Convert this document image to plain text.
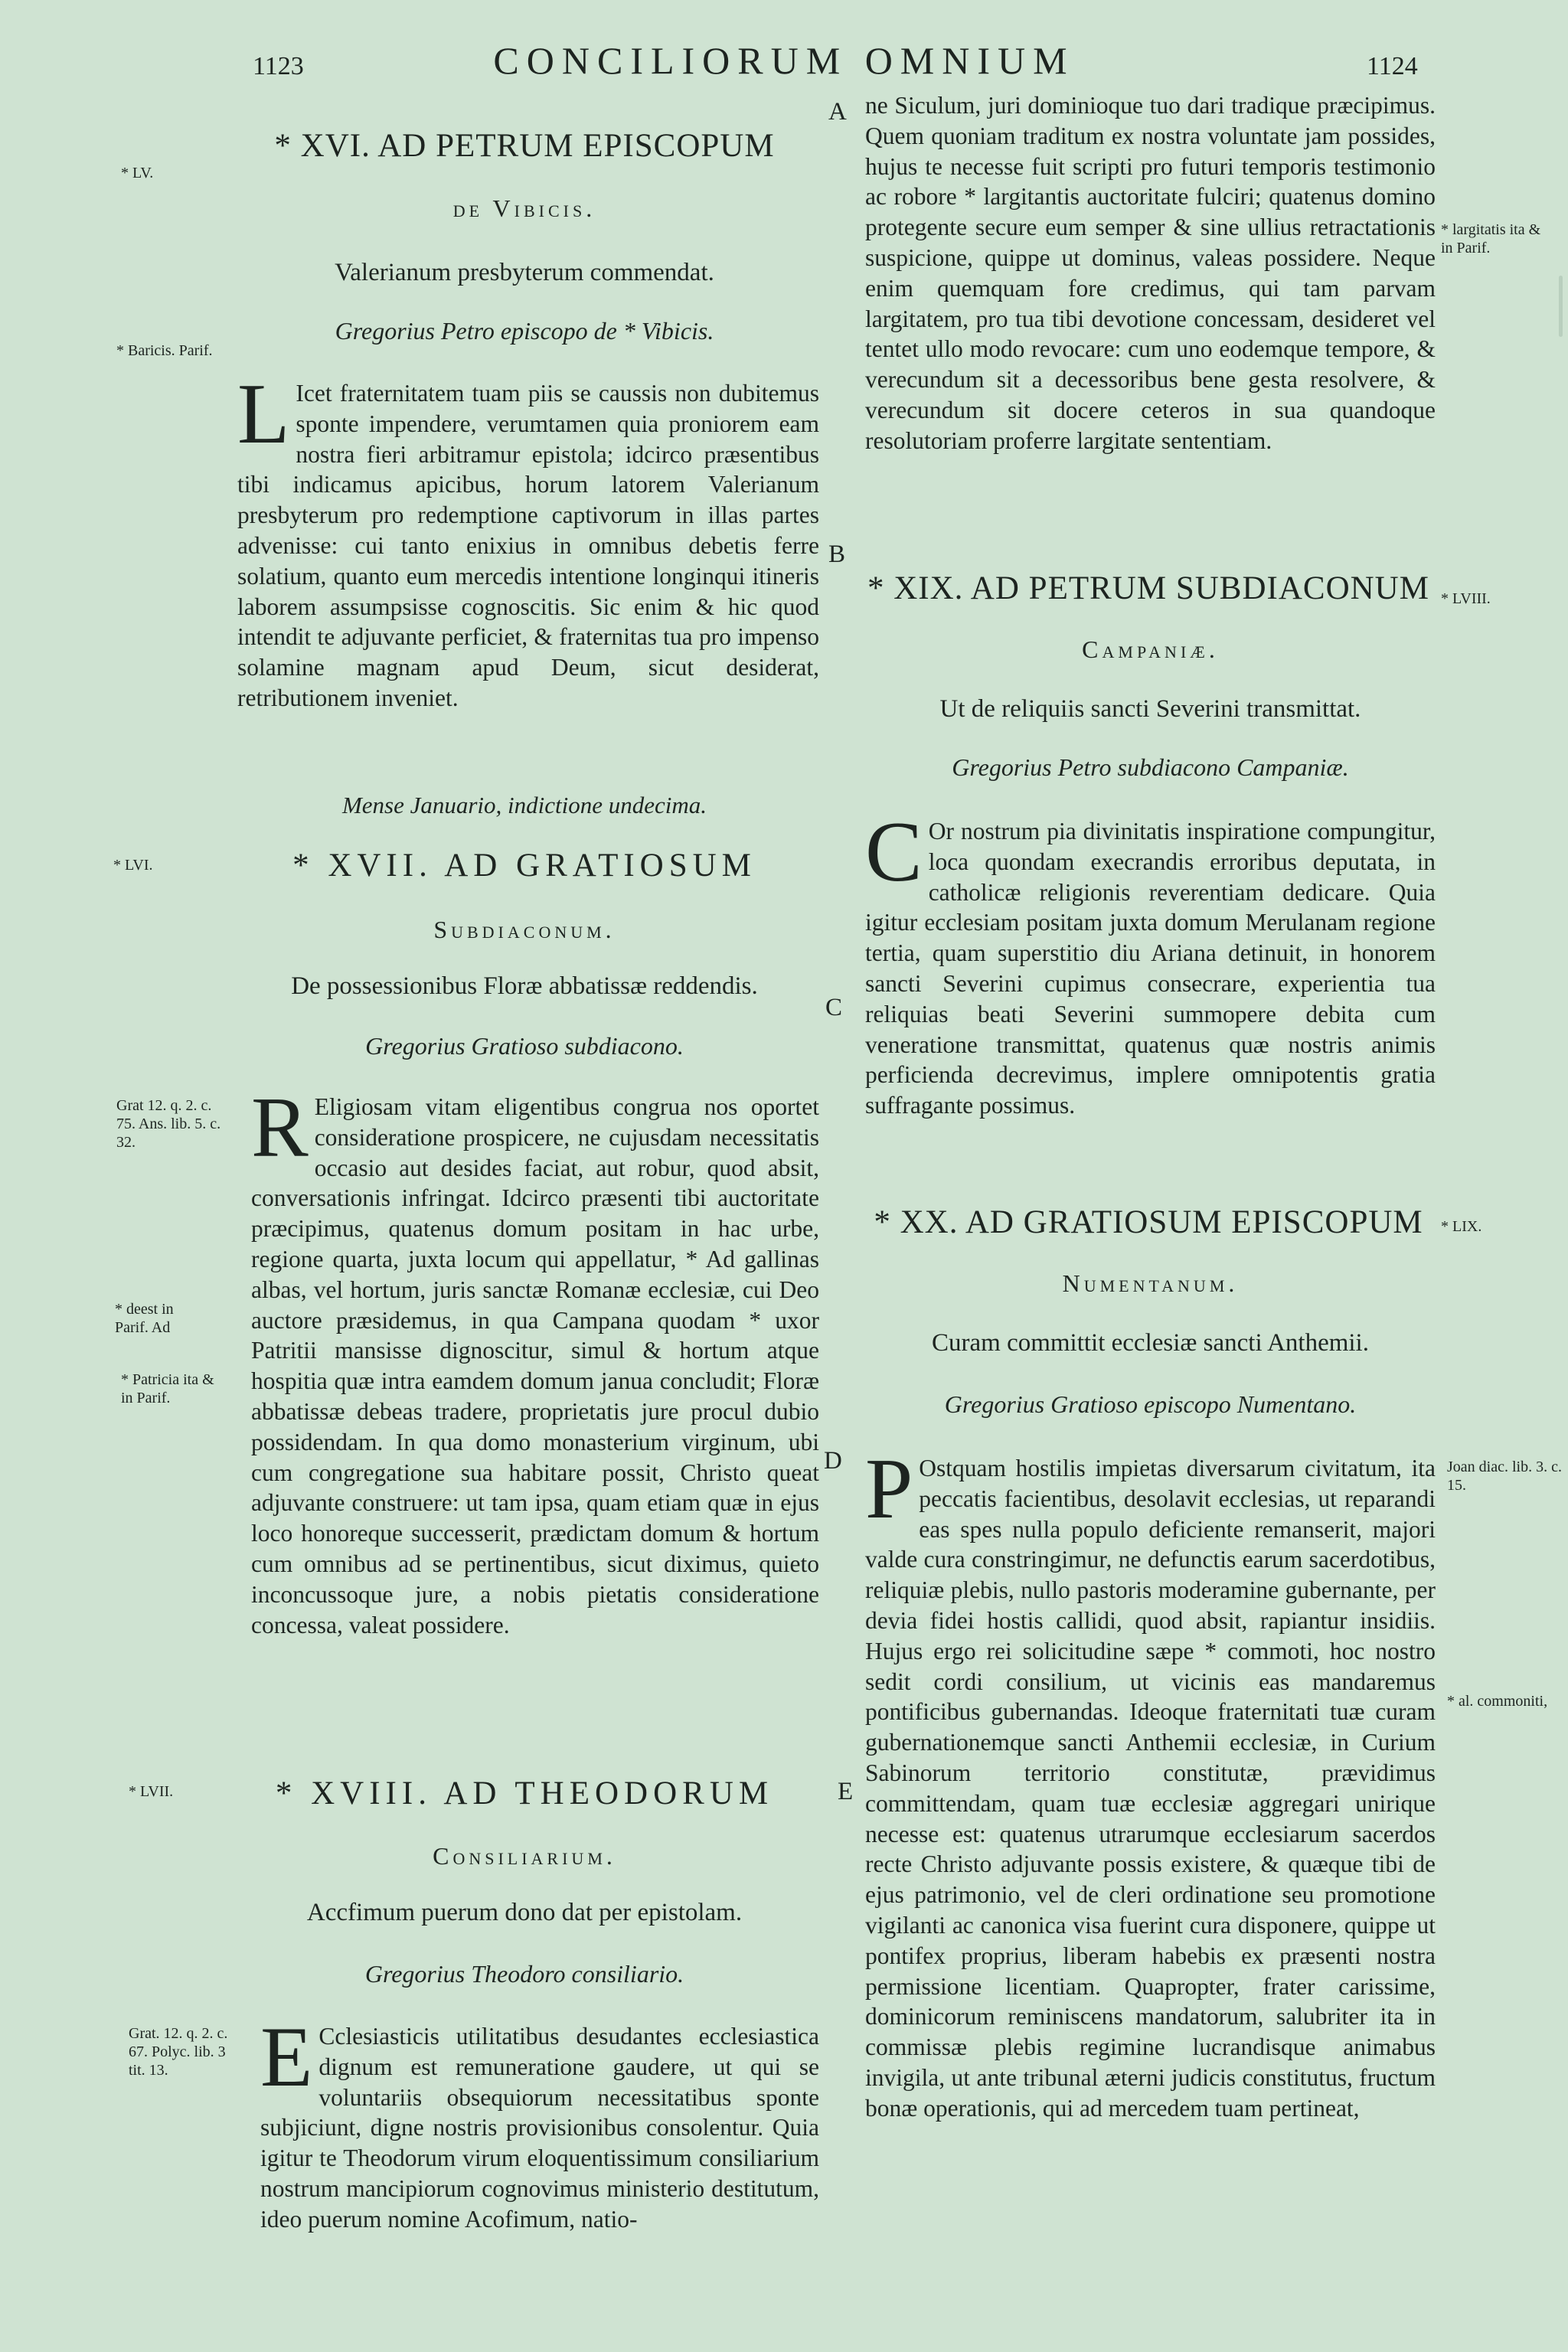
1123	CONCILIORUM OMNIUM	1124
A
B
C
D
E
* LV.
* Baricis. Parif.
* LVI.
Grat 12. q. 2. c. 75. Ans. lib. 5. c. 32.
* deest in Parif. Ad
* Patricia ita & in Parif.
* LVII.
Grat. 12. q. 2. c. 67. Polyc. lib. 3 tit. 13.
* largitatis ita & in Parif.
* LVIII.
* LIX.
Joan diac. lib. 3. c. 15.
* al. commoniti,
* XVI. AD PETRUM EPISCOPUM
de Vibicis.
Valerianum presbyterum commendat.
Gregorius Petro episcopo de * Vibicis.
L Icet fraternitatem tuam piis se caussis non dubitemus sponte impendere, verumtamen quia proniorem eam nostra fieri arbitramur epistola; idcirco præsentibus tibi indicamus apicibus, horum latorem Valerianum presbyterum pro redemptione captivorum in illas partes advenisse: cui tanto enixius in omnibus debetis ferre solatium, quanto eum mercedis intentione longinqui itineris laborem assumpsisse cognoscitis. Sic enim & hic quod intendit te adjuvante perficiet, & fraternitas tua pro impenso solamine magnam apud Deum, sicut desiderat, retributionem inveniet.
Mense Januario, indictione undecima.
* XVII. AD GRATIOSUM
Subdiaconum.
De possessionibus Floræ abbatissæ reddendis.
Gregorius Gratioso subdiacono.
R Eligiosam vitam eligentibus congrua nos oportet consideratione prospicere, ne cujusdam necessitatis occasio aut desides faciat, aut robur, quod absit, conversationis infringat. Idcirco præsenti tibi auctoritate præcipimus, quatenus domum positam in hac urbe, regione quarta, juxta locum qui appellatur, * Ad gallinas albas, vel hortum, juris sanctæ Romanæ ecclesiæ, cui Deo auctore præsidemus, in qua Campana quodam * uxor Patritii mansisse dignoscitur, simul & hortum atque hospitia quæ intra eamdem domum janua concludit; Floræ abbatissæ debeas tradere, proprietatis jure procul dubio possidendam. In qua domo monasterium virginum, ubi cum congregatione sua habitare possit, Christo queat adjuvante construere: ut tam ipsa, quam etiam quæ in ejus loco honoreque successerit, prædictam domum & hortum cum omnibus ad se pertinentibus, sicut diximus, quieto inconcussoque jure, a nobis pietatis consideratione concessa, valeat possidere.
* XVIII. AD THEODORUM
Consiliarium.
Accfimum puerum dono dat per epistolam.
Gregorius Theodoro consiliario.
E Cclesiasticis utilitatibus desudantes ecclesiastica dignum est remuneratione gaudere, ut qui se voluntariis obsequiorum necessitatibus sponte subjiciunt, digne nostris provisionibus consolentur. Quia igitur te Theodorum virum eloquentissimum consiliarium nostrum mancipiorum cognovimus ministerio destitutum, ideo puerum nomine Acofimum, natio-
ne Siculum, juri dominioque tuo dari tradique præcipimus. Quem quoniam traditum ex nostra voluntate jam possides, hujus te necesse fuit scripti pro futuri temporis testimonio ac robore * largitantis auctoritate fulciri; quatenus domino protegente secure eum semper & sine ullius retractationis suspicione, quippe ut dominus, valeas possidere. Neque enim quemquam fore credimus, qui tam parvam largitatem, pro tua tibi devotione concessam, desideret vel tentet ullo modo revocare: cum uno eodemque tempore, & verecundum sit a decessoribus bene gesta resolvere, & verecundum sit docere ceteros in sua quandoque resolutoriam proferre largitate sententiam.
* XIX. AD PETRUM SUBDIACONUM
Campaniæ.
Ut de reliquiis sancti Severini transmittat.
Gregorius Petro subdiacono Campaniæ.
C Or nostrum pia divinitatis inspiratione compungitur, loca quondam execrandis erroribus deputata, in catholicæ religionis reverentiam dedicare. Quia igitur ecclesiam positam juxta domum Merulanam regione tertia, quam superstitio diu Ariana detinuit, in honorem sancti Severini cupimus consecrare, experientia tua reliquias beati Severini summopere debita cum veneratione transmittat, quatenus quæ nostris animis perficienda decrevimus, implere omnipotentis gratia suffragante possimus.
* XX. AD GRATIOSUM EPISCOPUM
Numentanum.
Curam committit ecclesiæ sancti Anthemii.
Gregorius Gratioso episcopo Numentano.
P Ostquam hostilis impietas diversarum civitatum, ita peccatis facientibus, desolavit ecclesias, ut reparandi eas spes nulla populo deficiente remanserit, majori valde cura constringimur, ne defunctis earum sacerdotibus, reliquiæ plebis, nullo pastoris moderamine gubernante, per devia fidei hostis callidi, quod absit, rapiantur insidiis. Hujus ergo rei solicitudine sæpe * commoti, hoc nostro sedit cordi consilium, ut vicinis eas mandaremus pontificibus gubernandas. Ideoque fraternitati tuæ curam gubernationemque sancti Anthemii ecclesiæ, in Curium Sabinorum territorio constitutæ, prævidimus committendam, quam tuæ ecclesiæ aggregari unirique necesse est: quatenus utrarumque ecclesiarum sacerdos recte Christo adjuvante possis existere, & quæque tibi de ejus patrimonio, vel de cleri ordinatione seu promotione vigilanti ac canonica visa fuerint cura disponere, quippe ut pontifex proprius, liberam habebis ex præsenti nostra permissione licentiam. Quapropter, frater carissime, dominicorum reminiscens mandatorum, salubriter ita in commissæ plebis regimine lucrandisque animabus invigila, ut ante tribunal æterni judicis constitutus, fructum bonæ operationis, qui ad mercedem tuam pertineat,
